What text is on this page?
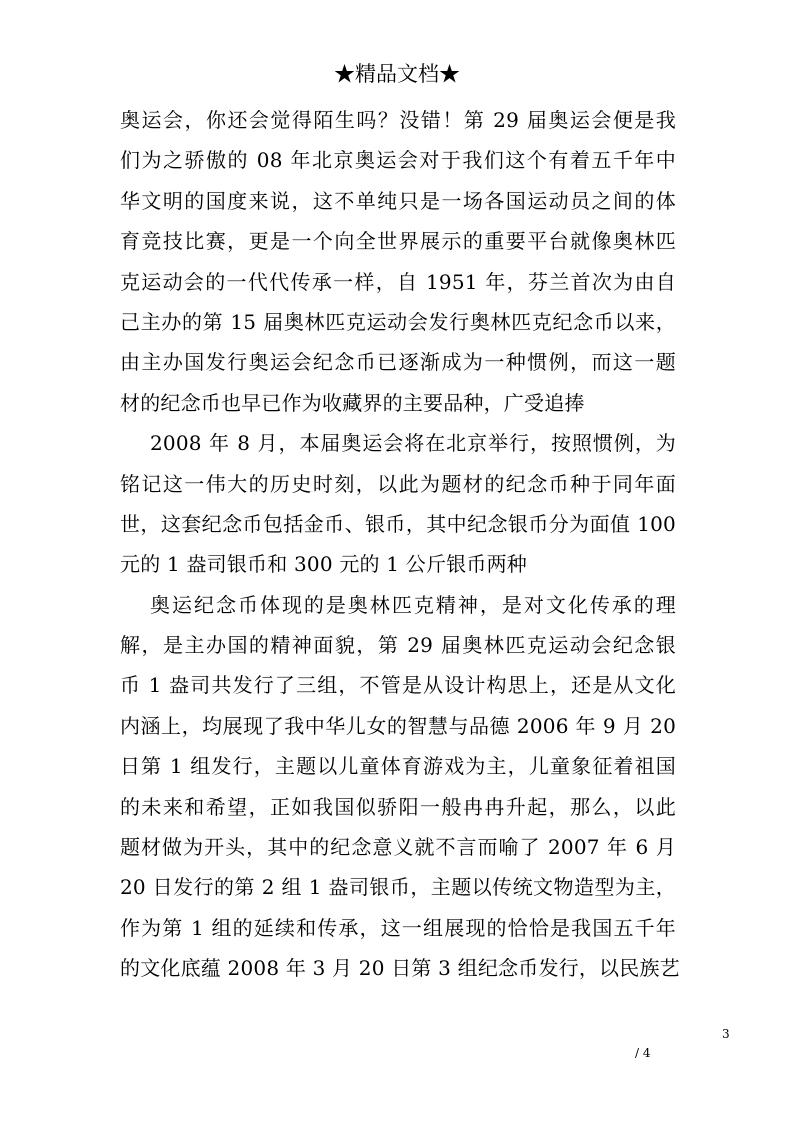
★精品文档★
奥运会，你还会觉得陌生吗？没错！第 29 届奥运会便是我
们为之骄傲的 08 年北京奥运会对于我们这个有着五千年中
华文明的国度来说，这不单纯只是一场各国运动员之间的体
育竞技比赛，更是一个向全世界展示的重要平台就像奥林匹
克运动会的一代代传承一样，自 1951 年，芬兰首次为由自
己主办的第 15 届奥林匹克运动会发行奥林匹克纪念币以来，
由主办国发行奥运会纪念币已逐渐成为一种惯例，而这一题
材的纪念币也早已作为收藏界的主要品种，广受追捧
2008 年 8 月，本届奥运会将在北京举行，按照惯例，为
铭记这一伟大的历史时刻，以此为题材的纪念币种于同年面
世，这套纪念币包括金币、银币，其中纪念银币分为面值 100
元的 1 盎司银币和 300 元的 1 公斤银币两种
奥运纪念币体现的是奥林匹克精神，是对文化传承的理
解，是主办国的精神面貌，第 29 届奥林匹克运动会纪念银
币 1 盎司共发行了三组，不管是从设计构思上，还是从文化
内涵上，均展现了我中华儿女的智慧与品德 2006 年 9 月 20
日第 1 组发行，主题以儿童体育游戏为主，儿童象征着祖国
的未来和希望，正如我国似骄阳一般冉冉升起，那么，以此
题材做为开头，其中的纪念意义就不言而喻了 2007 年 6 月
20 日发行的第 2 组 1 盎司银币，主题以传统文物造型为主，
作为第 1 组的延续和传承，这一组展现的恰恰是我国五千年
的文化底蕴 2008 年 3 月 20 日第 3 组纪念币发行，以民族艺
3
/ 4
